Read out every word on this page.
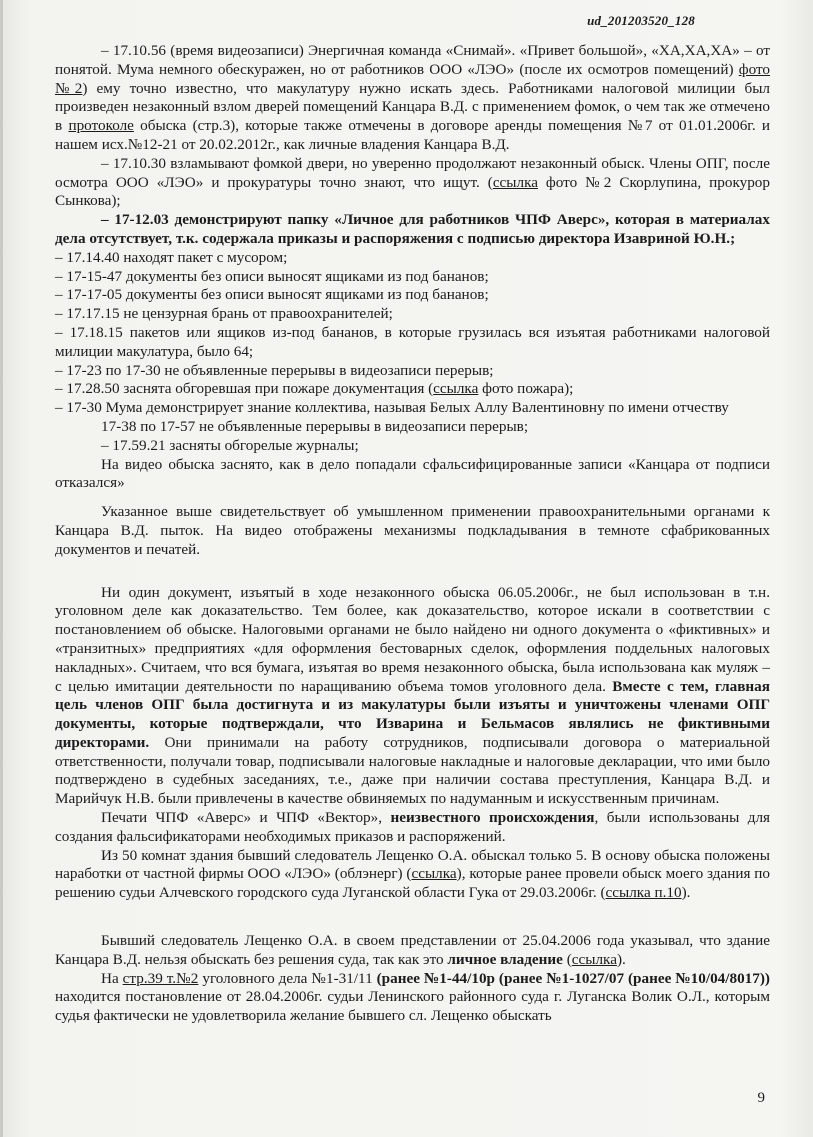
ud_201203520_128

– 17.10.56 (время видеозаписи) Энергичная команда «Снимай». «Привет большой», «ХА,ХА,ХА» – от понятой. Мума немного обескуражен, но от работников ООО «ЛЭО» (после их осмотров помещений) фото №2) ему точно известно, что макулатуру нужно искать здесь. Работниками налоговой милиции был произведен незаконный взлом дверей помещений Канцара В.Д. с применением фомок, о чем так же отмечено в протоколе обыска (стр.3), которые также отмечены в договоре аренды помещения №7 от 01.01.2006г. и нашем исх.№12-21 от 20.02.2012г., как личные владения Канцара В.Д.

– 17.10.30 взламывают фомкой двери, но уверенно продолжают незаконный обыск. Члены ОПГ, после осмотра ООО «ЛЭО» и прокуратуры точно знают, что ищут. (ссылка фото №2 Скорлупина, прокурор Сынкова);

– 17-12.03 демонстрируют папку «Личное для работников ЧПФ Аверс», которая в материалах дела отсутствует, т.к. содержала приказы и распоряжения с подписью директора Изавриной Ю.Н.;

– 17.14.40 находят пакет с мусором;

– 17-15-47 документы без описи выносят ящиками из под бананов;

– 17-17-05 документы без описи выносят ящиками из под бананов;

– 17.17.15 не цензурная брань от правоохранителей;

– 17.18.15 пакетов или ящиков из-под бананов, в которые грузилась вся изъятая работниками налоговой милиции макулатура, было 64;

– 17-23 по 17-30 не объявленные перерывы в видеозаписи перерыв;

– 17.28.50 заснята обгоревшая при пожаре документация (ссылка фото пожара);

– 17-30 Мума демонстрирует знание коллектива, называя Белых Аллу Валентиновну по имени отчеству

17-38 по 17-57 не объявленные перерывы в видеозаписи перерыв;

– 17.59.21 засняты обгорелые журналы;

На видео обыска заснято, как в дело попадали сфальсифицированные записи «Канцара от подписи отказался»

Указанное выше свидетельствует об умышленном применении правоохранительными органами к Канцара В.Д. пыток. На видео отображены механизмы подкладывания в темноте сфабрикованных документов и печатей.

Ни один документ, изъятый в ходе незаконного обыска 06.05.2006г., не был использован в т.н. уголовном деле как доказательство. Тем более, как доказательство, которое искали в соответствии с постановлением об обыске. Налоговыми органами не было найдено ни одного документа о «фиктивных» и «транзитных» предприятиях «для оформления бестоварных сделок, оформления поддельных налоговых накладных». Считаем, что вся бумага, изъятая во время незаконного обыска, была использована как муляж – с целью имитации деятельности по наращиванию объема томов уголовного дела. Вместе с тем, главная цель членов ОПГ была достигнута и из макулатуры были изъяты и уничтожены членами ОПГ документы, которые подтверждали, что Изварина и Бельмасов являлись не фиктивными директорами. Они принимали на работу сотрудников, подписывали договора о материальной ответственности, получали товар, подписывали налоговые накладные и налоговые декларации, что ими было подтверждено в судебных заседаниях, т.е., даже при наличии состава преступления, Канцара В.Д. и Марийчук Н.В. были привлечены в качестве обвиняемых по надуманным и искусственным причинам.

Печати ЧПФ «Аверс» и ЧПФ «Вектор», неизвестного происхождения, были использованы для создания фальсификаторами необходимых приказов и распоряжений.

Из 50 комнат здания бывший следователь Лещенко О.А. обыскал только 5. В основу обыска положены наработки от частной фирмы ООО «ЛЭО» (облэнерг) (ссылка), которые ранее провели обыск моего здания по решению судьи Алчевского городского суда Луганской области Гука от 29.03.2006г. (ссылка п.10).

Бывший следователь Лещенко О.А. в своем представлении от 25.04.2006 года указывал, что здание Канцара В.Д. нельзя обыскать без решения суда, так как это личное владение (ссылка).

На стр.39 т.№2 уголовного дела №1-31/11 (ранее №1-44/10р (ранее №1-1027/07 (ранее №10/04/8017)) находится постановление от 28.04.2006г. судьи Ленинского районного суда г. Луганска Волик О.Л., которым судья фактически не удовлетворила желание бывшего сл. Лещенко обыскать

9
